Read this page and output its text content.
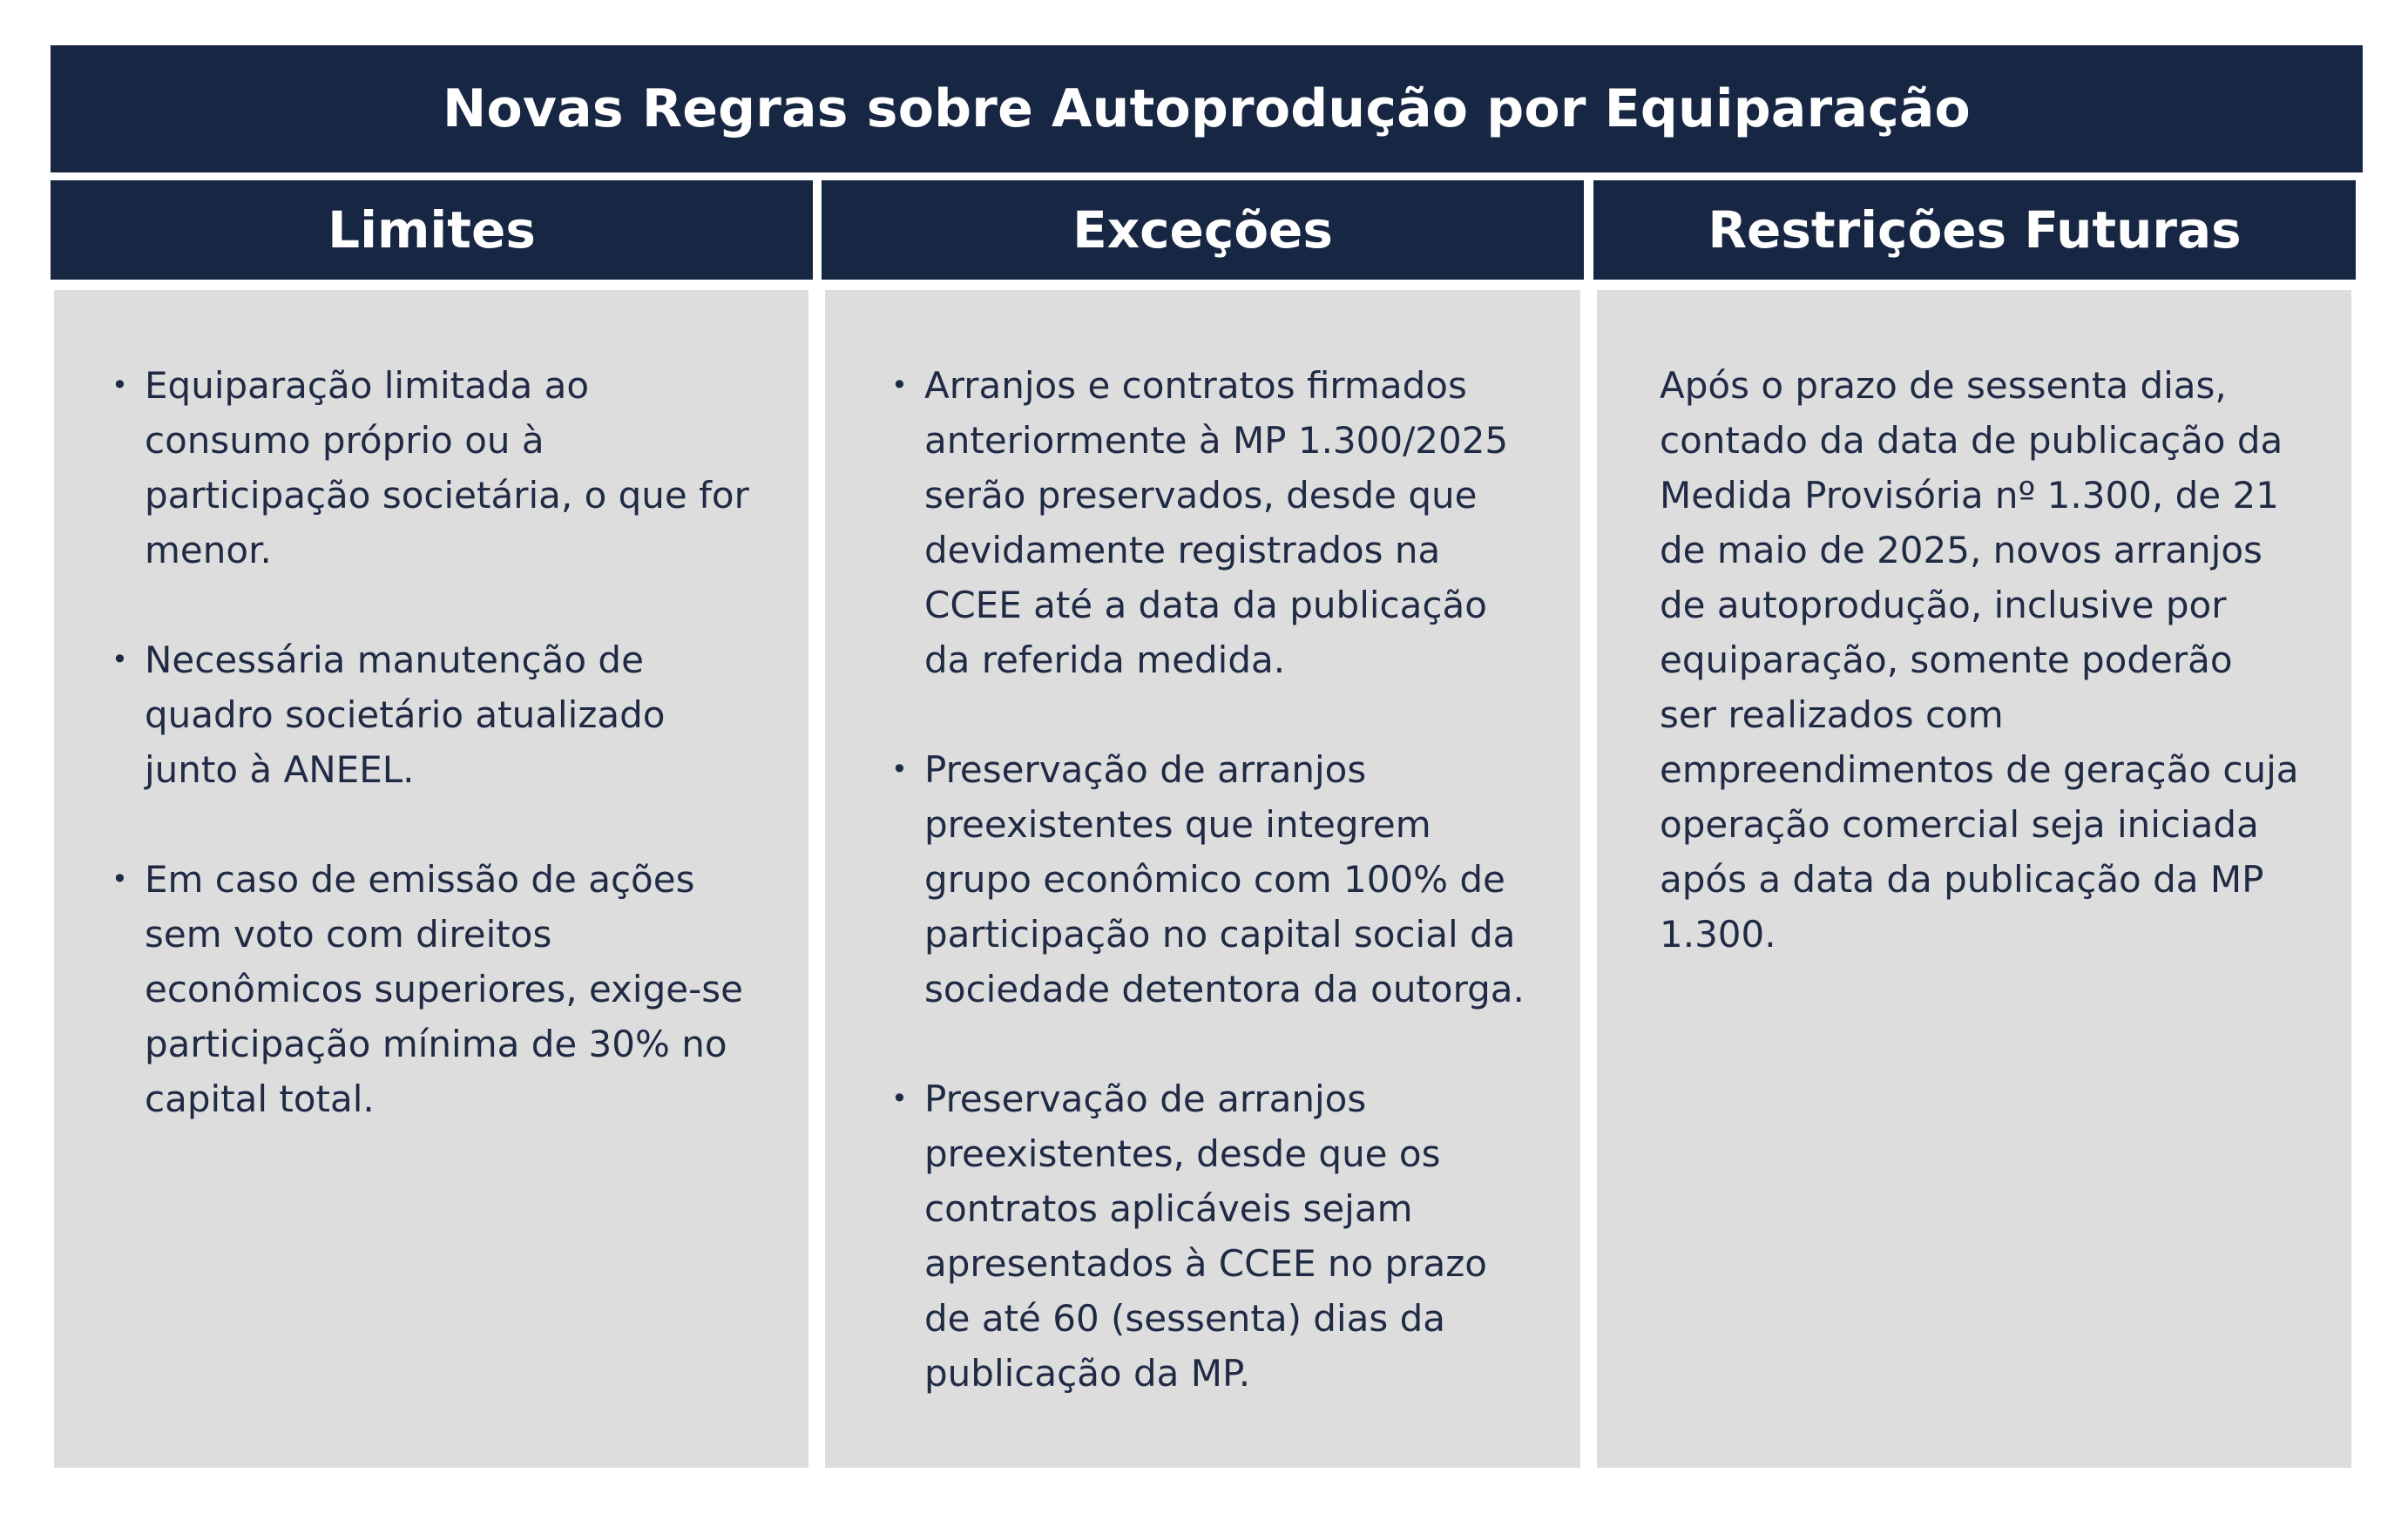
Novas Regras sobre Autoprodução por Equiparação
Limites	Exceções	Restrições Futuras
• Equiparação limitada ao consumo próprio ou à participação societária, o que for menor.
• Necessária manutenção de quadro societário atualizado junto à ANEEL.
• Em caso de emissão de ações sem voto com direitos econômicos superiores, exige-se participação mínima de 30% no capital total.
• Arranjos e contratos firmados anteriormente à MP 1.300/2025 serão preservados, desde que devidamente registrados na CCEE até a data da publicação da referida medida.
• Preservação de arranjos preexistentes que integrem grupo econômico com 100% de participação no capital social da sociedade detentora da outorga.
• Preservação de arranjos preexistentes, desde que os contratos aplicáveis sejam apresentados à CCEE no prazo de até 60 (sessenta) dias da publicação da MP.

Após o prazo de sessenta dias, contado da data de publicação da Medida Provisória nº 1.300, de 21 de maio de 2025, novos arranjos de autoprodução, inclusive por equiparação, somente poderão ser realizados com empreendimentos de geração cuja operação comercial seja iniciada após a data da publicação da MP 1.300.
